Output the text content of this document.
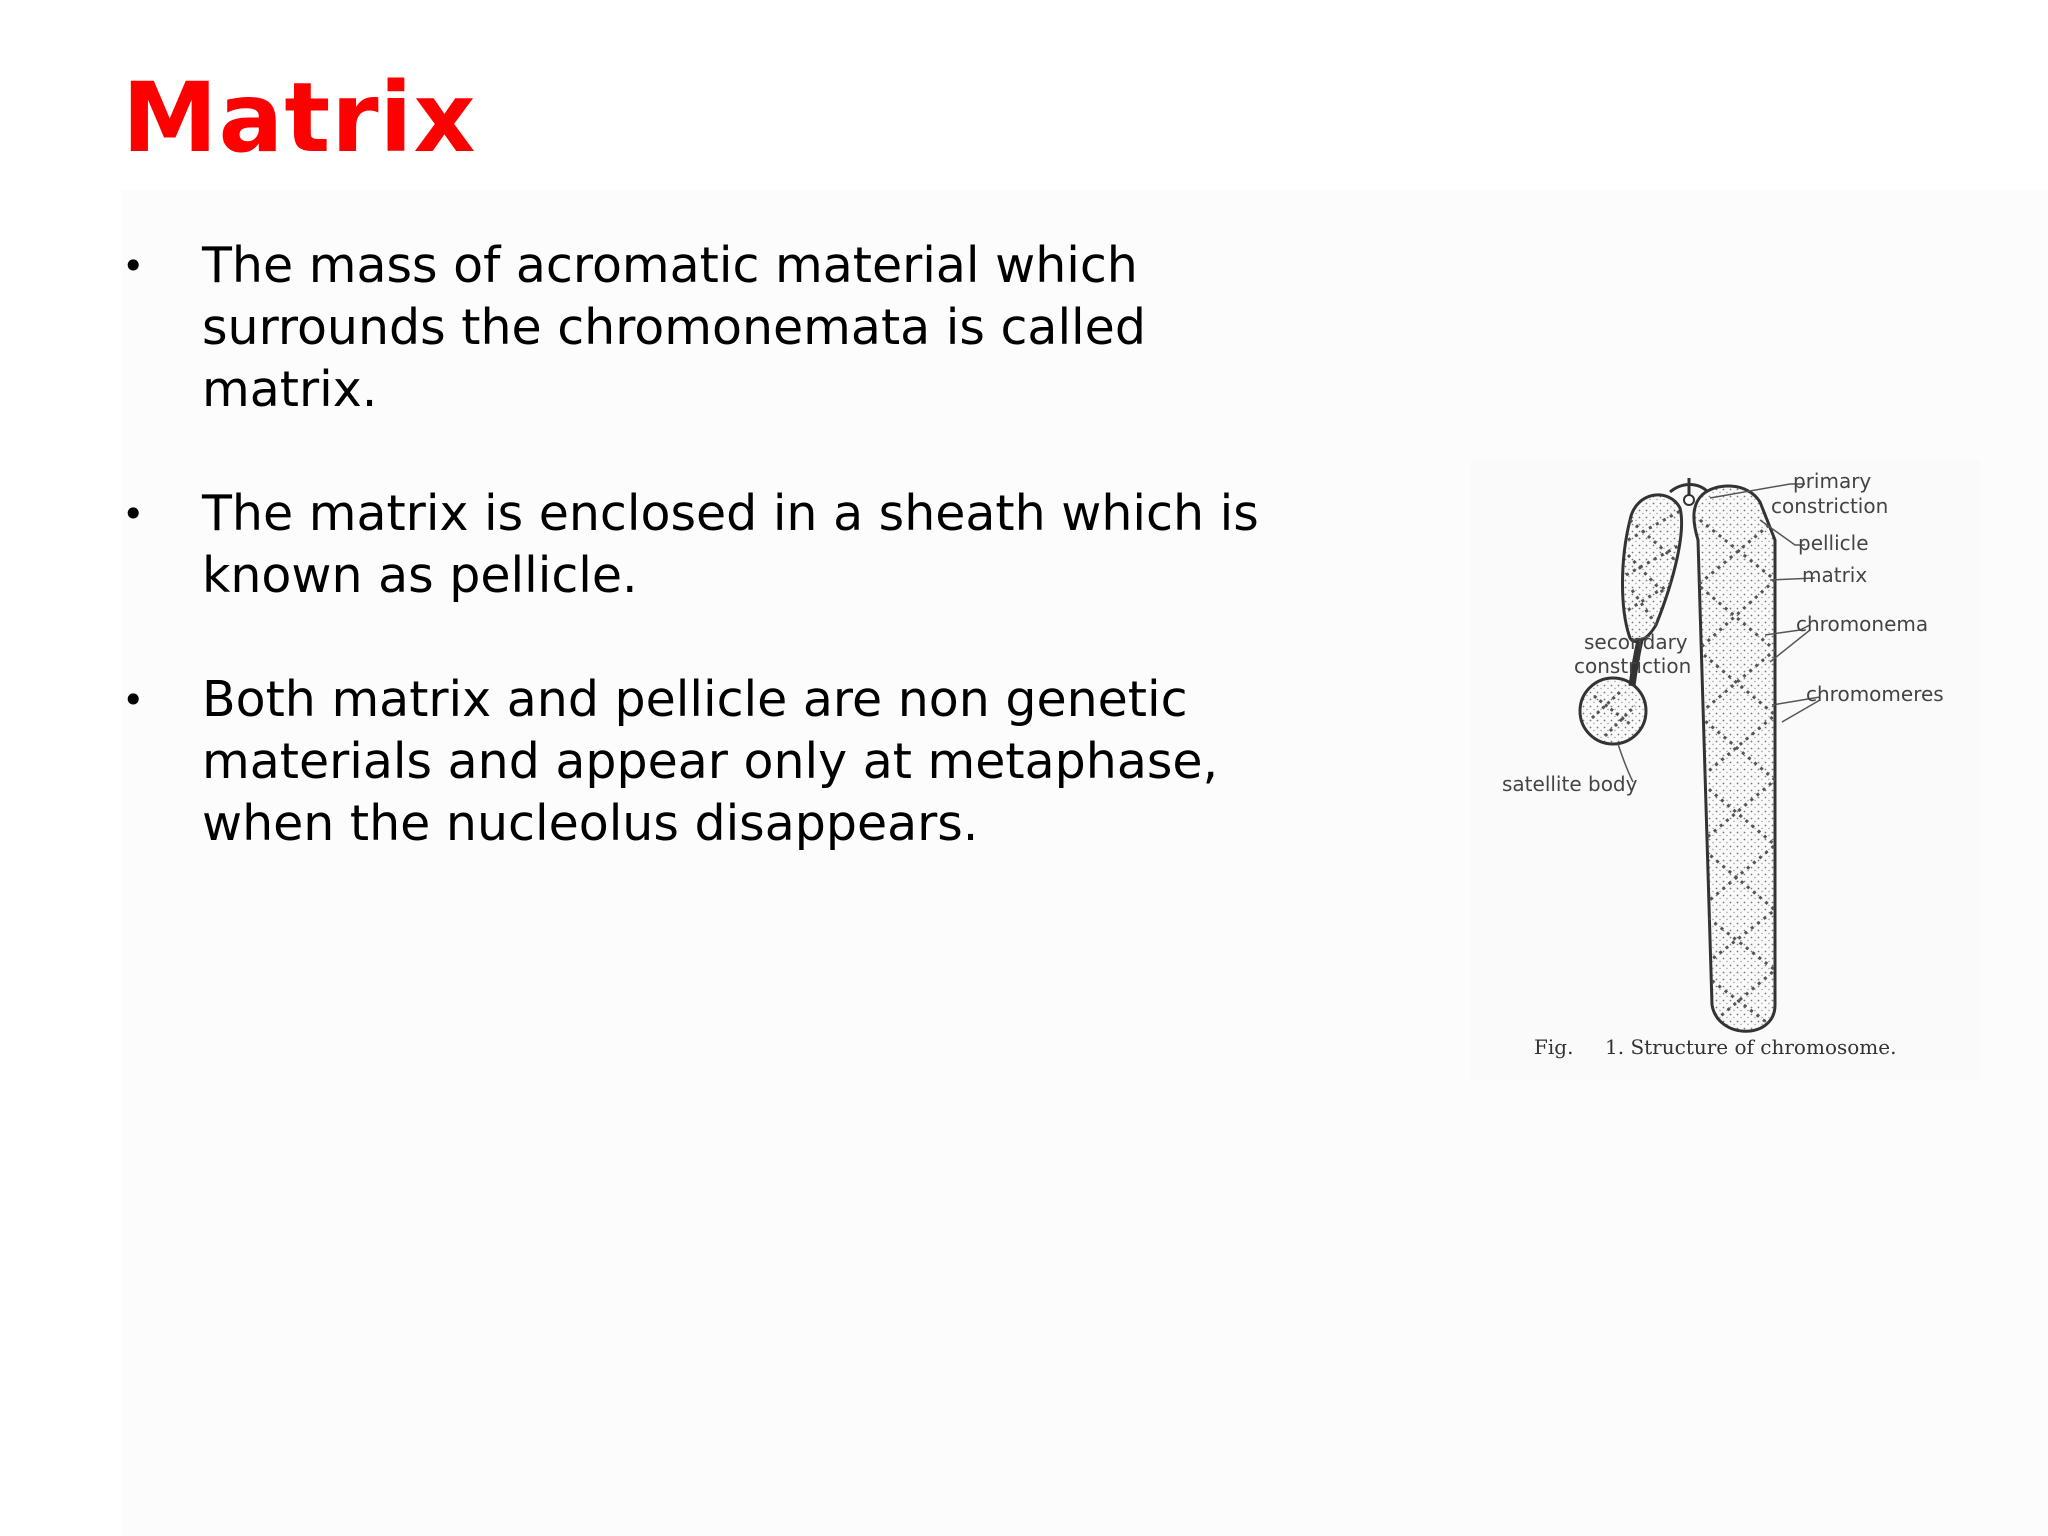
Matrix
• The mass of acromatic material which surrounds the chromonemata is called matrix.
• The matrix is enclosed in a sheath which is known as pellicle.
• Both matrix and pellicle are non genetic materials and appear only at metaphase, when the nucleolus disappears.
primary
constriction
pellicle
matrix
chromonema
chromomeres
secondary
constriction
satellite body
Fig. 1. Structure of chromosome.
